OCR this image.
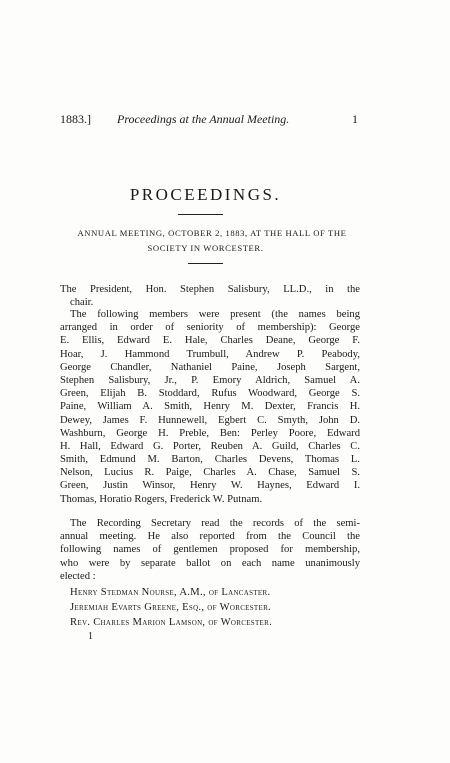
1883.] Proceedings at the Annual Meeting.	1
PROCEEDINGS.
ANNUAL MEETING, OCTOBER 2, 1883, AT THE HALL OF THE
SOCIETY IN WORCESTER.
The President, Hon. Stephen Salisbury, LL.D., in the
chair.
The following members were present (the names being
arranged in order of seniority of membership): George
E. Ellis, Edward E. Hale, Charles Deane, George F.
Hoar, J. Hammond Trumbull, Andrew P. Peabody,
George Chandler, Nathaniel Paine, Joseph Sargent,
Stephen Salisbury, Jr., P. Emory Aldrich, Samuel A.
Green, Elijah B. Stoddard, Rufus Woodward, George S.
Paine, William A. Smith, Henry M. Dexter, Francis H.
Dewey, James F. Hunnewell, Egbert C. Smyth, John D.
Washburn, George H. Preble, Ben: Perley Poore, Edward
H. Hall, Edward G. Porter, Reuben A. Guild, Charles C.
Smith, Edmund M. Barton, Charles Devens, Thomas L.
Nelson, Lucius R. Paige, Charles A. Chase, Samuel S.
Green, Justin Winsor, Henry W. Haynes, Edward I.
Thomas, Horatio Rogers, Frederick W. Putnam.
The Recording Secretary read the records of the semi-
annual meeting. He also reported from the Council the
following names of gentlemen proposed for membership,
who were by separate ballot on each name unanimously
elected :
Henry Stedman Nourse, A.M., of Lancaster.
Jeremiah Evarts Greene, Esq., of Worcester.
Rev. Charles Marion Lamson, of Worcester.
1
